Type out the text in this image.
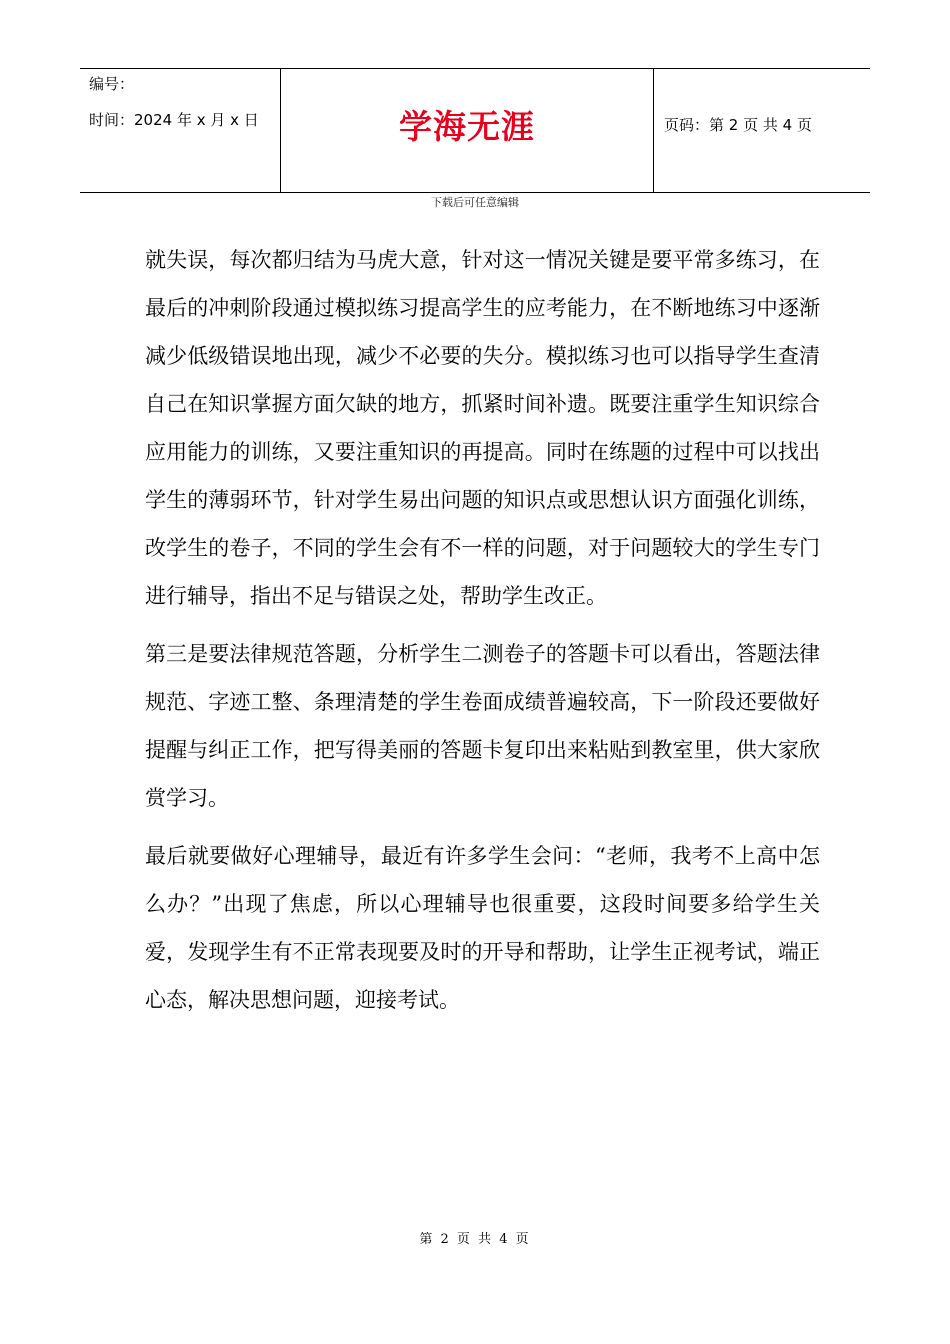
编号：
时间：2024 年 x 月 x 日	学海无涯	页码：第 2 页 共 4 页
下载后可任意编辑

就失误，每次都归结为马虎大意，针对这一情况关键是要平常多练习，在最后的冲刺阶段通过模拟练习提高学生的应考能力，在不断地练习中逐渐减少低级错误地出现，减少不必要的失分。模拟练习也可以指导学生查清自己在知识掌握方面欠缺的地方，抓紧时间补遗。既要注重学生知识综合应用能力的训练，又要注重知识的再提高。同时在练题的过程中可以找出学生的薄弱环节，针对学生易出问题的知识点或思想认识方面强化训练，改学生的卷子，不同的学生会有不一样的问题，对于问题较大的学生专门进行辅导，指出不足与错误之处，帮助学生改正。

第三是要法律规范答题，分析学生二测卷子的答题卡可以看出，答题法律规范、字迹工整、条理清楚的学生卷面成绩普遍较高，下一阶段还要做好提醒与纠正工作，把写得美丽的答题卡复印出来粘贴到教室里，供大家欣赏学习。

最后就要做好心理辅导，最近有许多学生会问：“老师，我考不上高中怎么办？”出现了焦虑，所以心理辅导也很重要，这段时间要多给学生关爱，发现学生有不正常表现要及时的开导和帮助，让学生正视考试，端正心态，解决思想问题，迎接考试。

第 2 页 共 4 页
